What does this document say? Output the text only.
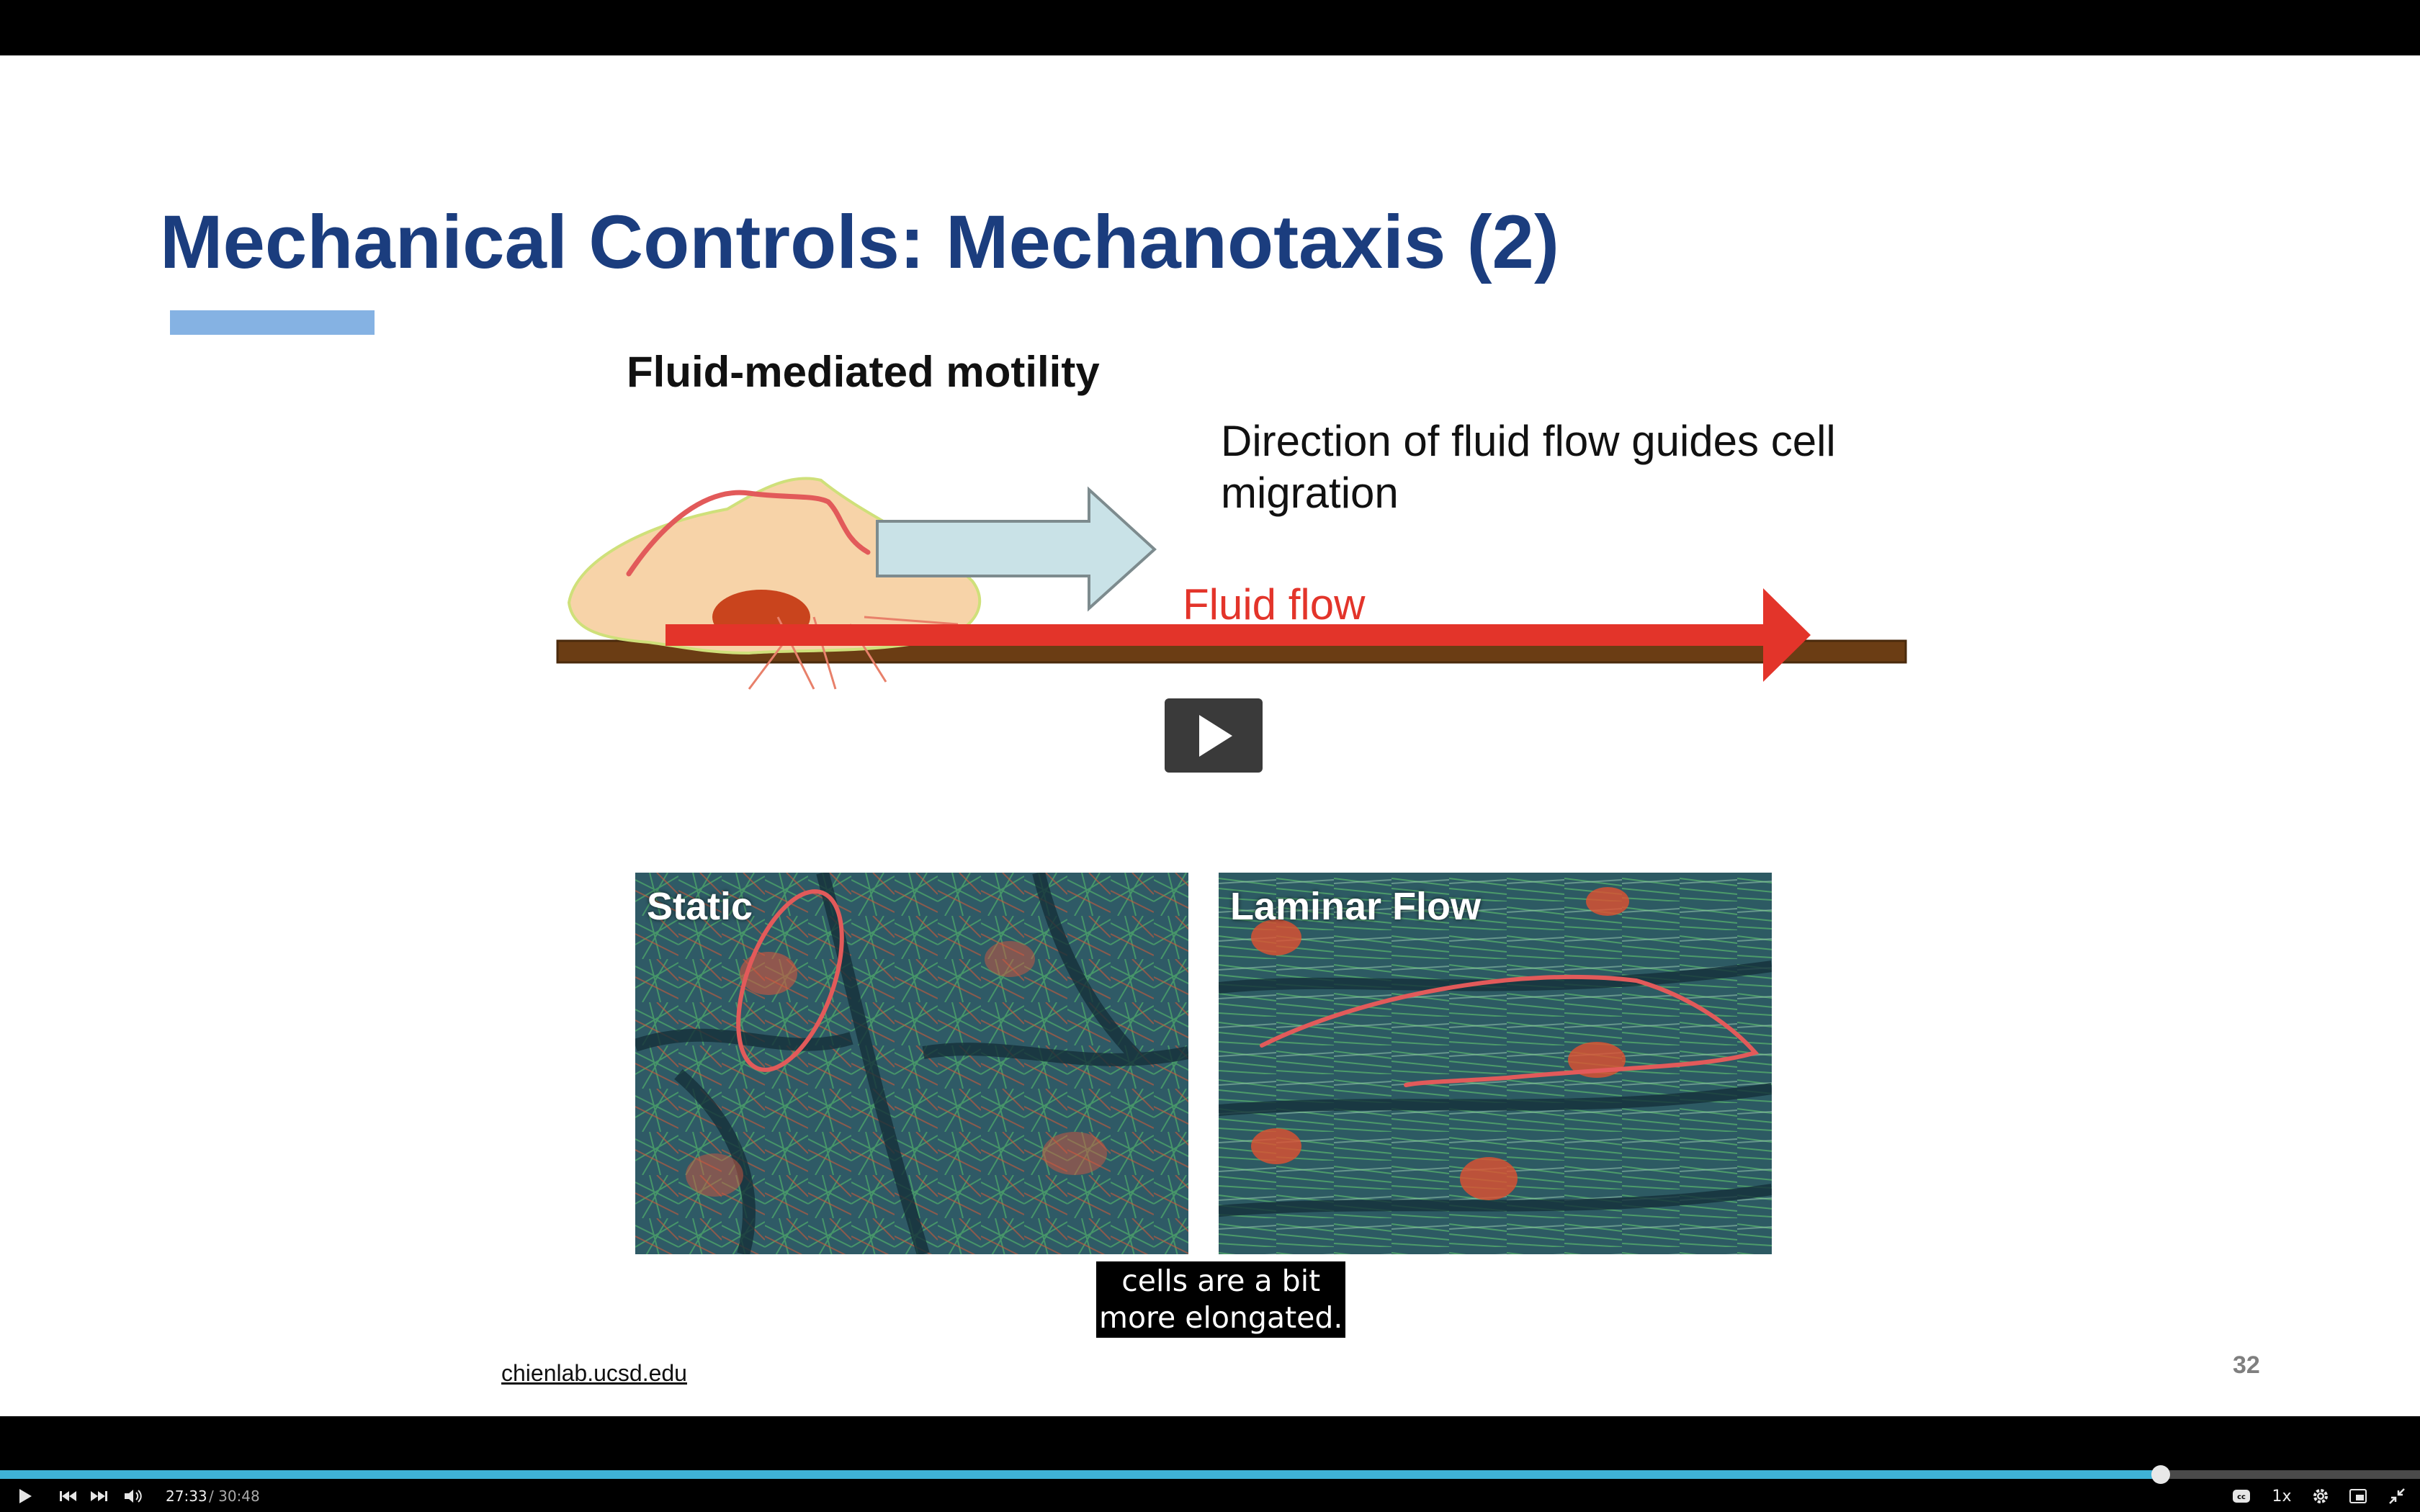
Mechanical Controls: Mechanotaxis (2)
Fluid-mediated motility
Direction of fluid flow guides cell migration
Fluid flow
Static	Laminar Flow
cells are a bit
more elongated.
chienlab.ucsd.edu	32
27:33 / 30:48	cc 1x
